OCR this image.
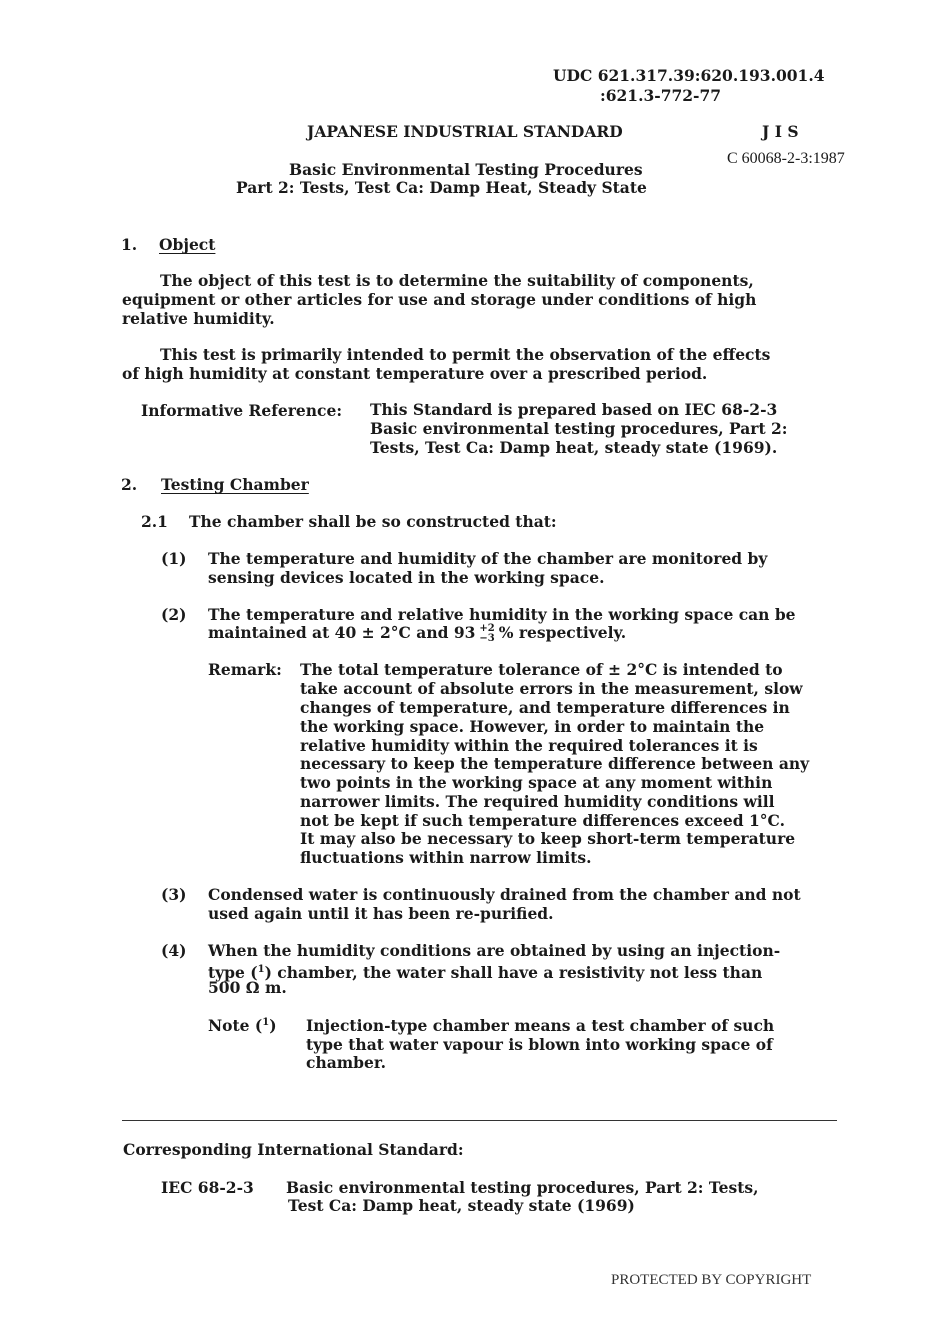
UDC 621.317.39:620.193.001.4
:621.3-772-77
JAPANESE INDUSTRIAL STANDARD	J I S
C 60068-2-3:1987
Basic Environmental Testing Procedures
Part 2: Tests, Test Ca: Damp Heat, Steady State
1. Object
The object of this test is to determine the suitability of components,
equipment or other articles for use and storage under conditions of high
relative humidity.
This test is primarily intended to permit the observation of the effects
of high humidity at constant temperature over a prescribed period.
Informative Reference: This Standard is prepared based on IEC 68-2-3
Basic environmental testing procedures, Part 2:
Tests, Test Ca: Damp heat, steady state (1969).
2. Testing Chamber
2.1 The chamber shall be so constructed that:
(1) The temperature and humidity of the chamber are monitored by
sensing devices located in the working space.
(2) The temperature and relative humidity in the working space can be
maintained at 40 ± 2°C and 93 +2
−3 % respectively.
Remark: The total temperature tolerance of ± 2°C is intended to
take account of absolute errors in the measurement, slow
changes of temperature, and temperature differences in
the working space. However, in order to maintain the
relative humidity within the required tolerances it is
necessary to keep the temperature difference between any
two points in the working space at any moment within
narrower limits. The required humidity conditions will
not be kept if such temperature differences exceed 1°C.
It may also be necessary to keep short-term temperature
fluctuations within narrow limits.
(3) Condensed water is continuously drained from the chamber and not
used again until it has been re-purified.
(4) When the humidity conditions are obtained by using an injection-
type ($^1$) chamber, the water shall have a resistivity not less than
500 Ω m.
Note ($^1$) Injection-type chamber means a test chamber of such
type that water vapour is blown into working space of
chamber.
Corresponding International Standard:
IEC 68-2-3 Basic environmental testing procedures, Part 2: Tests,
Test Ca: Damp heat, steady state (1969)
PROTECTED BY COPYRIGHT
